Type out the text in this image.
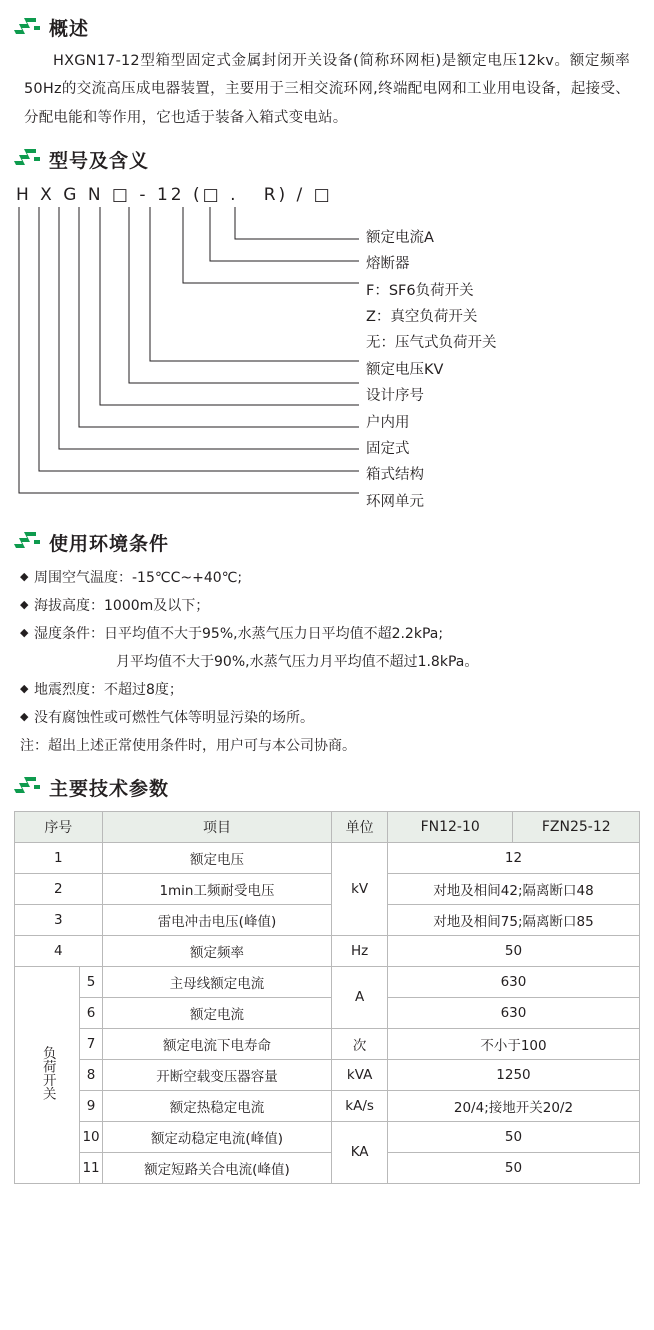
概述

HXGN17-12型箱型固定式金属封闭开关设备(简称环网柜)是额定电压12kv。额定频率50Hz的交流高压成电器装置，主要用于三相交流环网,终端配电网和工业用电设备，起接受、分配电能和等作用，它也适于装备入箱式变电站。

型号及含义
H X G N □ - 12 (□ .   R) / □
额定电流A
熔断器
F：SF6负荷开关
Z：真空负荷开关
无：压气式负荷开关
额定电压KV
设计序号
户内用
固定式
箱式结构
环网单元
使用环境条件
◆ 周围空气温度：-15℃C~+40℃;
◆ 海拔高度：1000m及以下；
◆ 湿度条件：日平均值不大于95%,水蒸气压力日平均值不超2.2kPa;
月平均值不大于90%,水蒸气压力月平均值不超过1.8kPa。
◆ 地震烈度：不超过8度；
◆ 没有腐蚀性或可燃性气体等明显污染的场所。
注：超出上述正常使用条件时，用户可与本公司协商。
主要技术参数
序号		项目	单位	FN12-10	FZN25-12
1		额定电压	kV	12	
2		1min工频耐受电压		对地及相间42;隔离断口48	
3		雷电冲击电压(峰值)		对地及相间75;隔离断口85	
4		额定频率	Hz	50	
负荷开关	5	主母线额定电流	A	630	
	6	额定电流		630	
	7	额定电流下电寿命	次	不小于100	
	8	开断空载变压器容量	kVA	1250	
	9	额定热稳定电流	kA/s	20/4;接地开关20/2	
	10	额定动稳定电流(峰值)	KA	50	
	11	额定短路关合电流(峰值)		50	
